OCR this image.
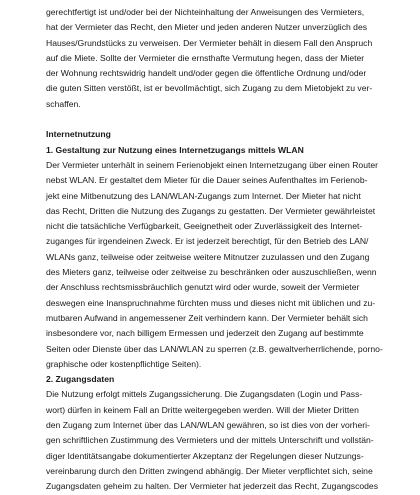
gerechtfertigt ist und/oder bei der Nichteinhaltung der Anweisungen des Vermieters,

hat der Vermieter das Recht, den Mieter und jeden anderen Nutzer unverzüglich des

Hauses/Grundstücks zu verweisen. Der Vermieter behält in diesem Fall den Anspruch

auf die Miete. Sollte der Vermieter die ernsthafte Vermutung hegen, dass der Mieter

der Wohnung rechtswidrig handelt und/oder gegen die öffentliche Ordnung und/oder

die guten Sitten verstößt, ist er bevollmächtigt, sich Zugang zu dem Mietobjekt zu ver-

schaffen.

Internetnutzung

1. Gestaltung zur Nutzung eines Internetzugangs mittels WLAN

Der Vermieter unterhält in seinem Ferienobjekt einen Internetzugang über einen Router

nebst WLAN. Er gestaltet dem Mieter für die Dauer seines Aufenthaltes im Ferienob-

jekt eine Mitbenutzung des LAN/WLAN-Zugangs zum Internet. Der Mieter hat nicht

das Recht, Dritten die Nutzung des Zugangs zu gestatten. Der Vermieter gewährleistet

nicht die tatsächliche Verfügbarkeit, Geeignetheit oder Zuverlässigkeit des Internet-

zuganges für irgendeinen Zweck. Er ist jederzeit berechtigt, für den Betrieb des LAN/

WLANs ganz, teilweise oder zeitweise weitere Mitnutzer zuzulassen und den Zugang

des Mieters ganz, teilweise oder zeitweise zu beschränken oder auszuschließen, wenn

der Anschluss rechtsmissbräuchlich genutzt wird oder wurde, soweit der Vermieter

deswegen eine Inanspruchnahme fürchten muss und dieses nicht mit üblichen und zu-

mutbaren Aufwand in angemessener Zeit verhindern kann. Der Vermieter behält sich

insbesondere vor, nach billigem Ermessen und jederzeit den Zugang auf bestimmte

Seiten oder Dienste über das LAN/WLAN zu sperren (z.B. gewaltverherrlichende, porno-

graphische oder kostenpflichtige Seiten).

2. Zugangsdaten

Die Nutzung erfolgt mittels Zugangssicherung. Die Zugangsdaten (Login und Pass-

wort) dürfen in keinem Fall an Dritte weitergegeben werden. Will der Mieter Dritten

den Zugang zum Internet über das LAN/WLAN gewähren, so ist dies von der vorheri-

gen schriftlichen Zustimmung des Vermieters und der mittels Unterschrift und vollstän-

diger Identitätsangabe dokumentierter Akzeptanz der Regelungen dieser Nutzungs-

vereinbarung durch den Dritten zwingend abhängig. Der Mieter verpflichtet sich, seine

Zugangsdaten geheim zu halten. Der Vermieter hat jederzeit das Recht, Zugangscodes
